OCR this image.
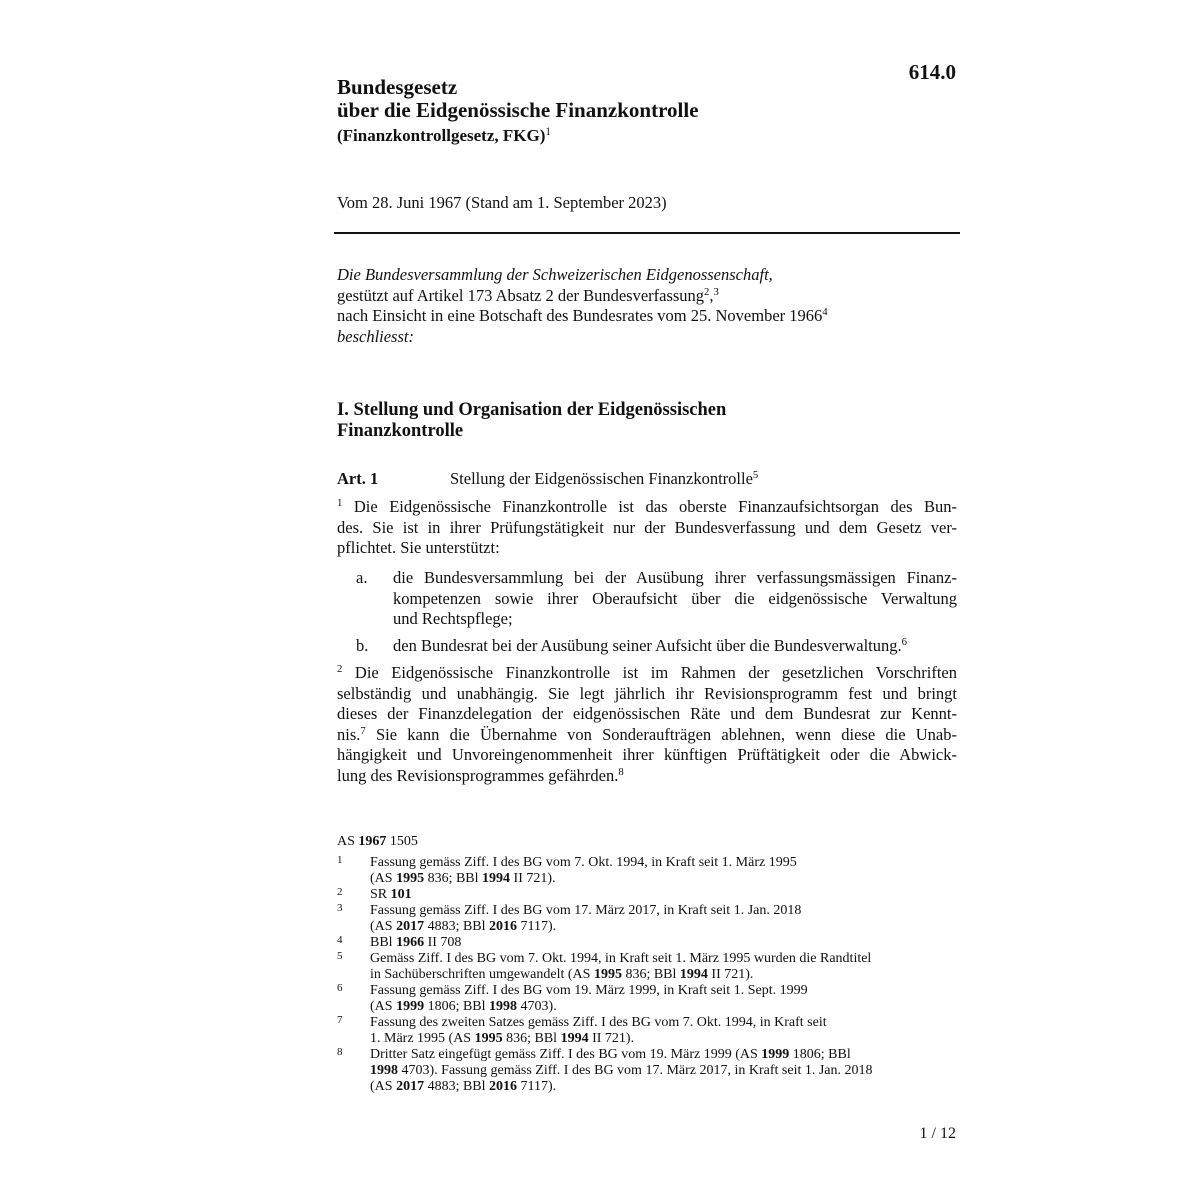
614.0
Bundesgesetz
über die Eidgenössische Finanzkontrolle
(Finanzkontrollgesetz, FKG)$^1$
Vom 28. Juni 1967 (Stand am 1. September 2023)
Die Bundesversammlung der Schweizerischen Eidgenossenschaft,
gestützt auf Artikel 173 Absatz 2 der Bundesverfassung$^2$,$^3$
nach Einsicht in eine Botschaft des Bundesrates vom 25. November 1966$^4$
beschliesst:
I. Stellung und Organisation der Eidgenössischen
Finanzkontrolle
Art. 1	Stellung der Eidgenössischen Finanzkontrolle$^5$
$^1$ Die Eidgenössische Finanzkontrolle ist das oberste Finanzaufsichtsorgan des Bun-
des. Sie ist in ihrer Prüfungstätigkeit nur der Bundesverfassung und dem Gesetz ver-
pflichtet. Sie unterstützt:
a. die Bundesversammlung bei der Ausübung ihrer verfassungsmässigen Finanz-
kompetenzen sowie ihrer Oberaufsicht über die eidgenössische Verwaltung
und Rechtspflege;
b. den Bundesrat bei der Ausübung seiner Aufsicht über die Bundesverwaltung.$^6$
$^2$ Die Eidgenössische Finanzkontrolle ist im Rahmen der gesetzlichen Vorschriften
selbständig und unabhängig. Sie legt jährlich ihr Revisionsprogramm fest und bringt
dieses der Finanzdelegation der eidgenössischen Räte und dem Bundesrat zur Kennt-
nis.$^7$ Sie kann die Übernahme von Sonderaufträgen ablehnen, wenn diese die Unab-
hängigkeit und Unvoreingenommenheit ihrer künftigen Prüftätigkeit oder die Abwick-
lung des Revisionsprogrammes gefährden.$^8$
AS 1967 1505
1 Fassung gemäss Ziff. I des BG vom 7. Okt. 1994, in Kraft seit 1. März 1995
(AS 1995 836; BBl 1994 II 721).
2 SR 101
3 Fassung gemäss Ziff. I des BG vom 17. März 2017, in Kraft seit 1. Jan. 2018
(AS 2017 4883; BBl 2016 7117).
4 BBl 1966 II 708
5 Gemäss Ziff. I des BG vom 7. Okt. 1994, in Kraft seit 1. März 1995 wurden die Randtitel
in Sachüberschriften umgewandelt (AS 1995 836; BBl 1994 II 721).
6 Fassung gemäss Ziff. I des BG vom 19. März 1999, in Kraft seit 1. Sept. 1999
(AS 1999 1806; BBl 1998 4703).
7 Fassung des zweiten Satzes gemäss Ziff. I des BG vom 7. Okt. 1994, in Kraft seit
1. März 1995 (AS 1995 836; BBl 1994 II 721).
8 Dritter Satz eingefügt gemäss Ziff. I des BG vom 19. März 1999 (AS 1999 1806; BBl
1998 4703). Fassung gemäss Ziff. I des BG vom 17. März 2017, in Kraft seit 1. Jan. 2018
(AS 2017 4883; BBl 2016 7117).
1 / 12
